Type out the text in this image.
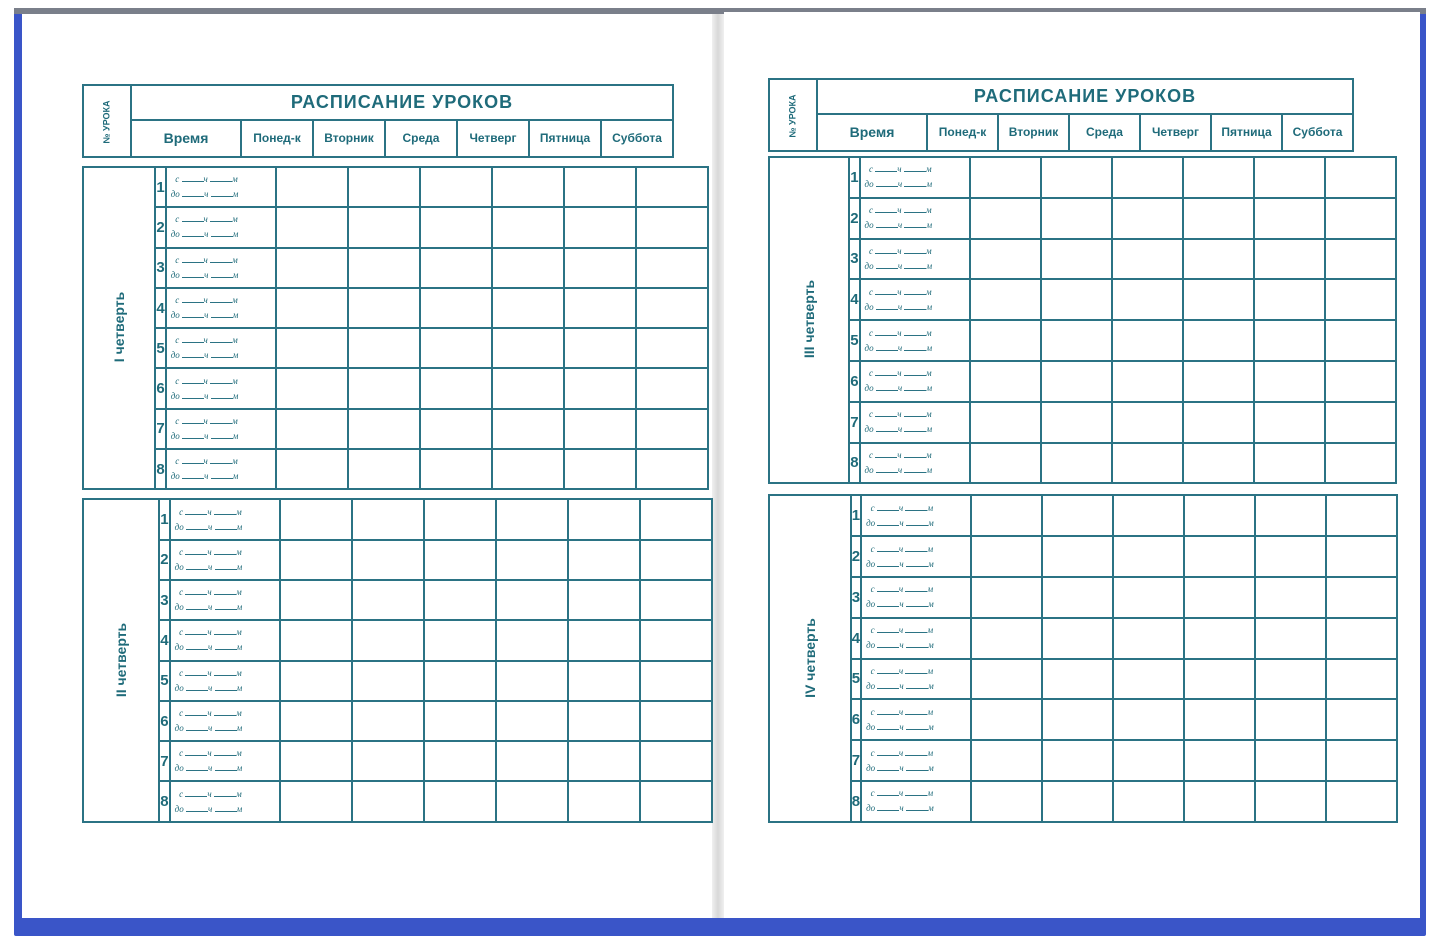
№ УРОКА	РАСПИСАНИЕ УРОКОВ						
	Время	Понед-к	Вторник	Среда	Четверг	Пятница	Суббота
I четверть	1	с ч м
до ч м						

	2	с ч м
до ч м						

	3	с ч м
до ч м						

	4	с ч м
до ч м						

	5	с ч м
до ч м						

	6	с ч м
до ч м						

	7	с ч м
до ч м						

	8	с ч м
до ч м						

II четверть	1	с ч м
до ч м						

	2	с ч м
до ч м						

	3	с ч м
до ч м						

	4	с ч м
до ч м						

	5	с ч м
до ч м						

	6	с ч м
до ч м						

	7	с ч м
до ч м						

	8	с ч м
до ч м						

№ УРОКА	РАСПИСАНИЕ УРОКОВ						
	Время	Понед-к	Вторник	Среда	Четверг	Пятница	Суббота
III четверть	1	с ч м
до ч м						

	2	с ч м
до ч м						

	3	с ч м
до ч м						

	4	с ч м
до ч м						

	5	с ч м
до ч м						

	6	с ч м
до ч м						

	7	с ч м
до ч м						

	8	с ч м
до ч м						

IV четверть	1	с ч м
до ч м						

	2	с ч м
до ч м						

	3	с ч м
до ч м						

	4	с ч м
до ч м						

	5	с ч м
до ч м						

	6	с ч м
до ч м						

	7	с ч м
до ч м						

	8	с ч м
до ч м						
